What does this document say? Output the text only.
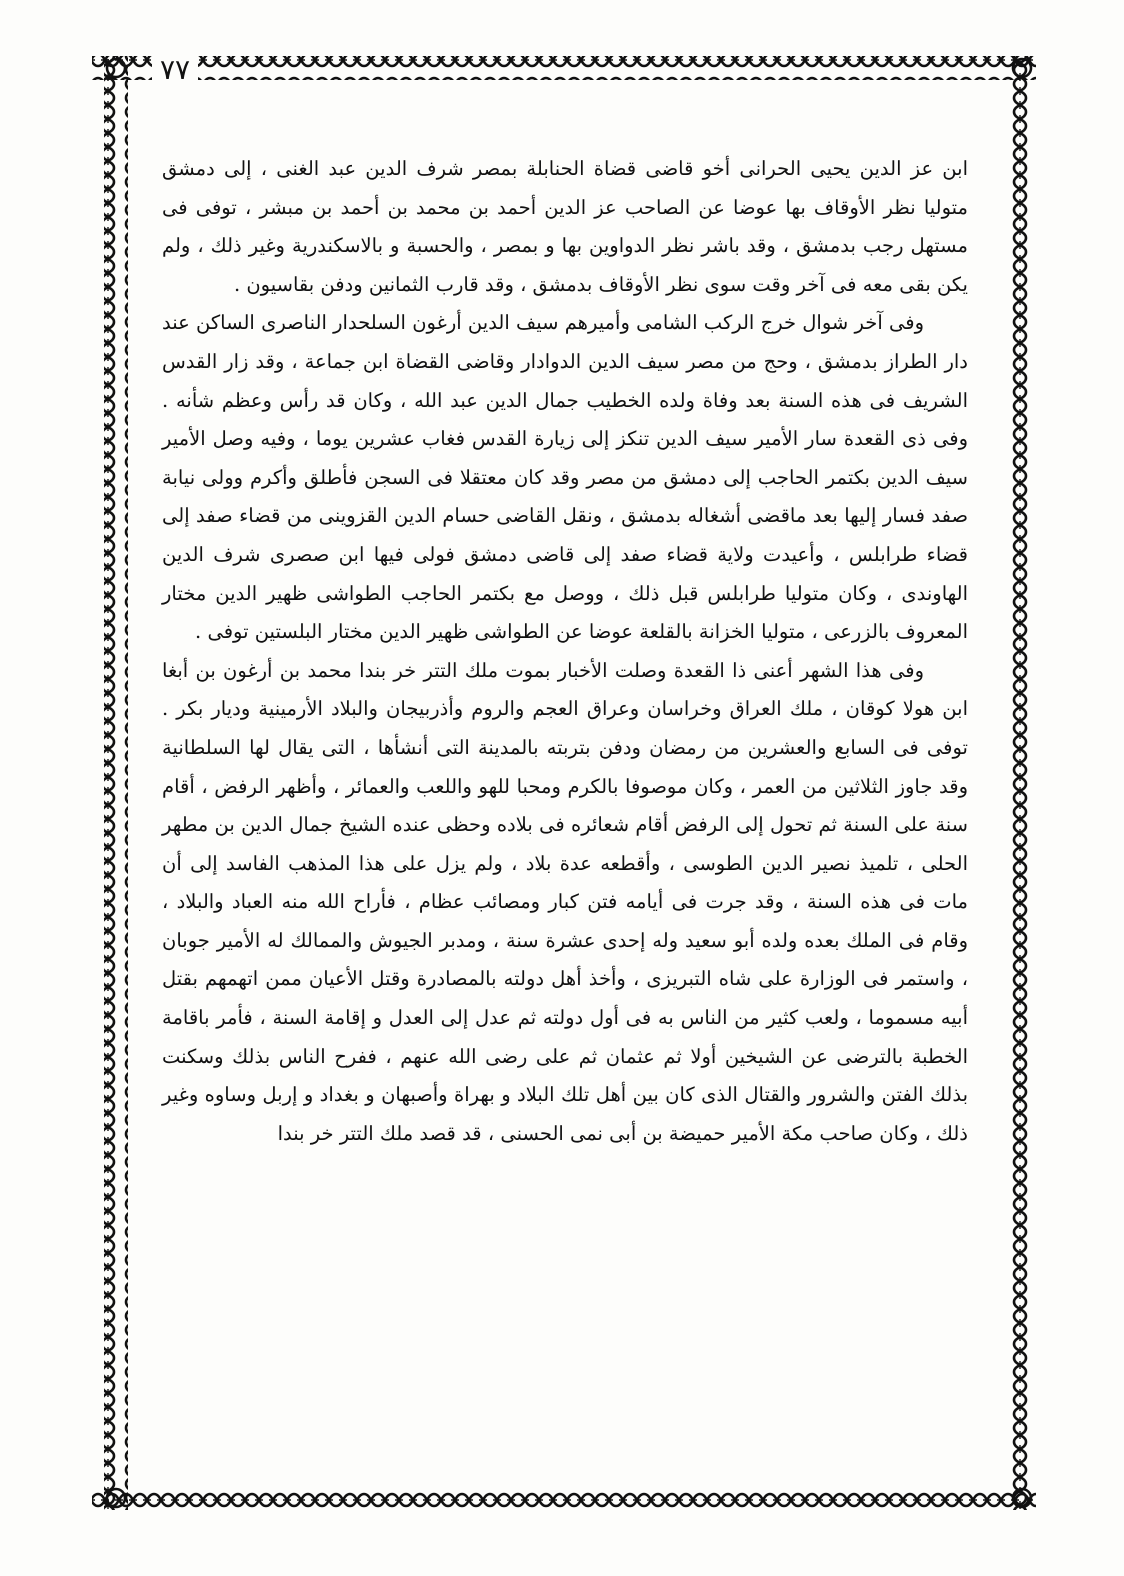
٧٧

ابن عز الدين يحيى الحرانى أخو قاضى قضاة الحنابلة بمصر شرف الدين عبد الغنى ، إلى دمشق متوليا نظر الأوقاف بها عوضا عن الصاحب عز الدين أحمد بن محمد بن أحمد بن مبشر ، توفى فى مستهل رجب بدمشق ، وقد باشر نظر الدواوين بها و بمصر ، والحسبة و بالاسكندرية وغير ذلك ، ولم يكن بقى معه فى آخر وقت سوى نظر الأوقاف بدمشق ، وقد قارب الثمانين ودفن بقاسيون .

وفى آخر شوال خرج الركب الشامى وأميرهم سيف الدين أرغون السلحدار الناصرى الساكن عند دار الطراز بدمشق ، وحج من مصر سيف الدين الدوادار وقاضى القضاة ابن جماعة ، وقد زار القدس الشريف فى هذه السنة بعد وفاة ولده الخطيب جمال الدين عبد الله ، وكان قد رأس وعظم شأنه . وفى ذى القعدة سار الأمير سيف الدين تنكز إلى زيارة القدس فغاب عشرين يوما ، وفيه وصل الأمير سيف الدين بكتمر الحاجب إلى دمشق من مصر وقد كان معتقلا فى السجن فأطلق وأكرم وولى نيابة صفد فسار إليها بعد ماقضى أشغاله بدمشق ، ونقل القاضى حسام الدين القزوينى من قضاء صفد إلى قضاء طرابلس ، وأعيدت ولاية قضاء صفد إلى قاضى دمشق فولى فيها ابن صصرى شرف الدين الهاوندى ، وكان متوليا طرابلس قبل ذلك ، ووصل مع بكتمر الحاجب الطواشى ظهير الدين مختار المعروف بالزرعى ، متوليا الخزانة بالقلعة عوضا عن الطواشى ظهير الدين مختار البلستين توفى .

وفى هذا الشهر أعنى ذا القعدة وصلت الأخبار بموت ملك التتر خر بندا محمد بن أرغون بن أبغا ابن هولا كوقان ، ملك العراق وخراسان وعراق العجم والروم وأذربيجان والبلاد الأرمينية وديار بكر . توفى فى السابع والعشرين من رمضان ودفن بتربته بالمدينة التى أنشأها ، التى يقال لها السلطانية وقد جاوز الثلاثين من العمر ، وكان موصوفا بالكرم ومحبا للهو واللعب والعمائر ، وأظهر الرفض ، أقام سنة على السنة ثم تحول إلى الرفض أقام شعائره فى بلاده وحظى عنده الشيخ جمال الدين بن مطهر الحلى ، تلميذ نصير الدين الطوسى ، وأقطعه عدة بلاد ، ولم يزل على هذا المذهب الفاسد إلى أن مات فى هذه السنة ، وقد جرت فى أيامه فتن كبار ومصائب عظام ، فأراح الله منه العباد والبلاد ، وقام فى الملك بعده ولده أبو سعيد وله إحدى عشرة سنة ، ومدبر الجيوش والممالك له الأمير جوبان ، واستمر فى الوزارة على شاه التبريزى ، وأخذ أهل دولته بالمصادرة وقتل الأعيان ممن اتهمهم بقتل أبيه مسموما ، ولعب كثير من الناس به فى أول دولته ثم عدل إلى العدل و إقامة السنة ، فأمر باقامة الخطبة بالترضى عن الشيخين أولا ثم عثمان ثم على رضى الله عنهم ، ففرح الناس بذلك وسكنت بذلك الفتن والشرور والقتال الذى كان بين أهل تلك البلاد و بهراة وأصبهان و بغداد و إربل وساوه وغير ذلك ، وكان صاحب مكة الأمير حميضة بن أبى نمى الحسنى ، قد قصد ملك التتر خر بندا
